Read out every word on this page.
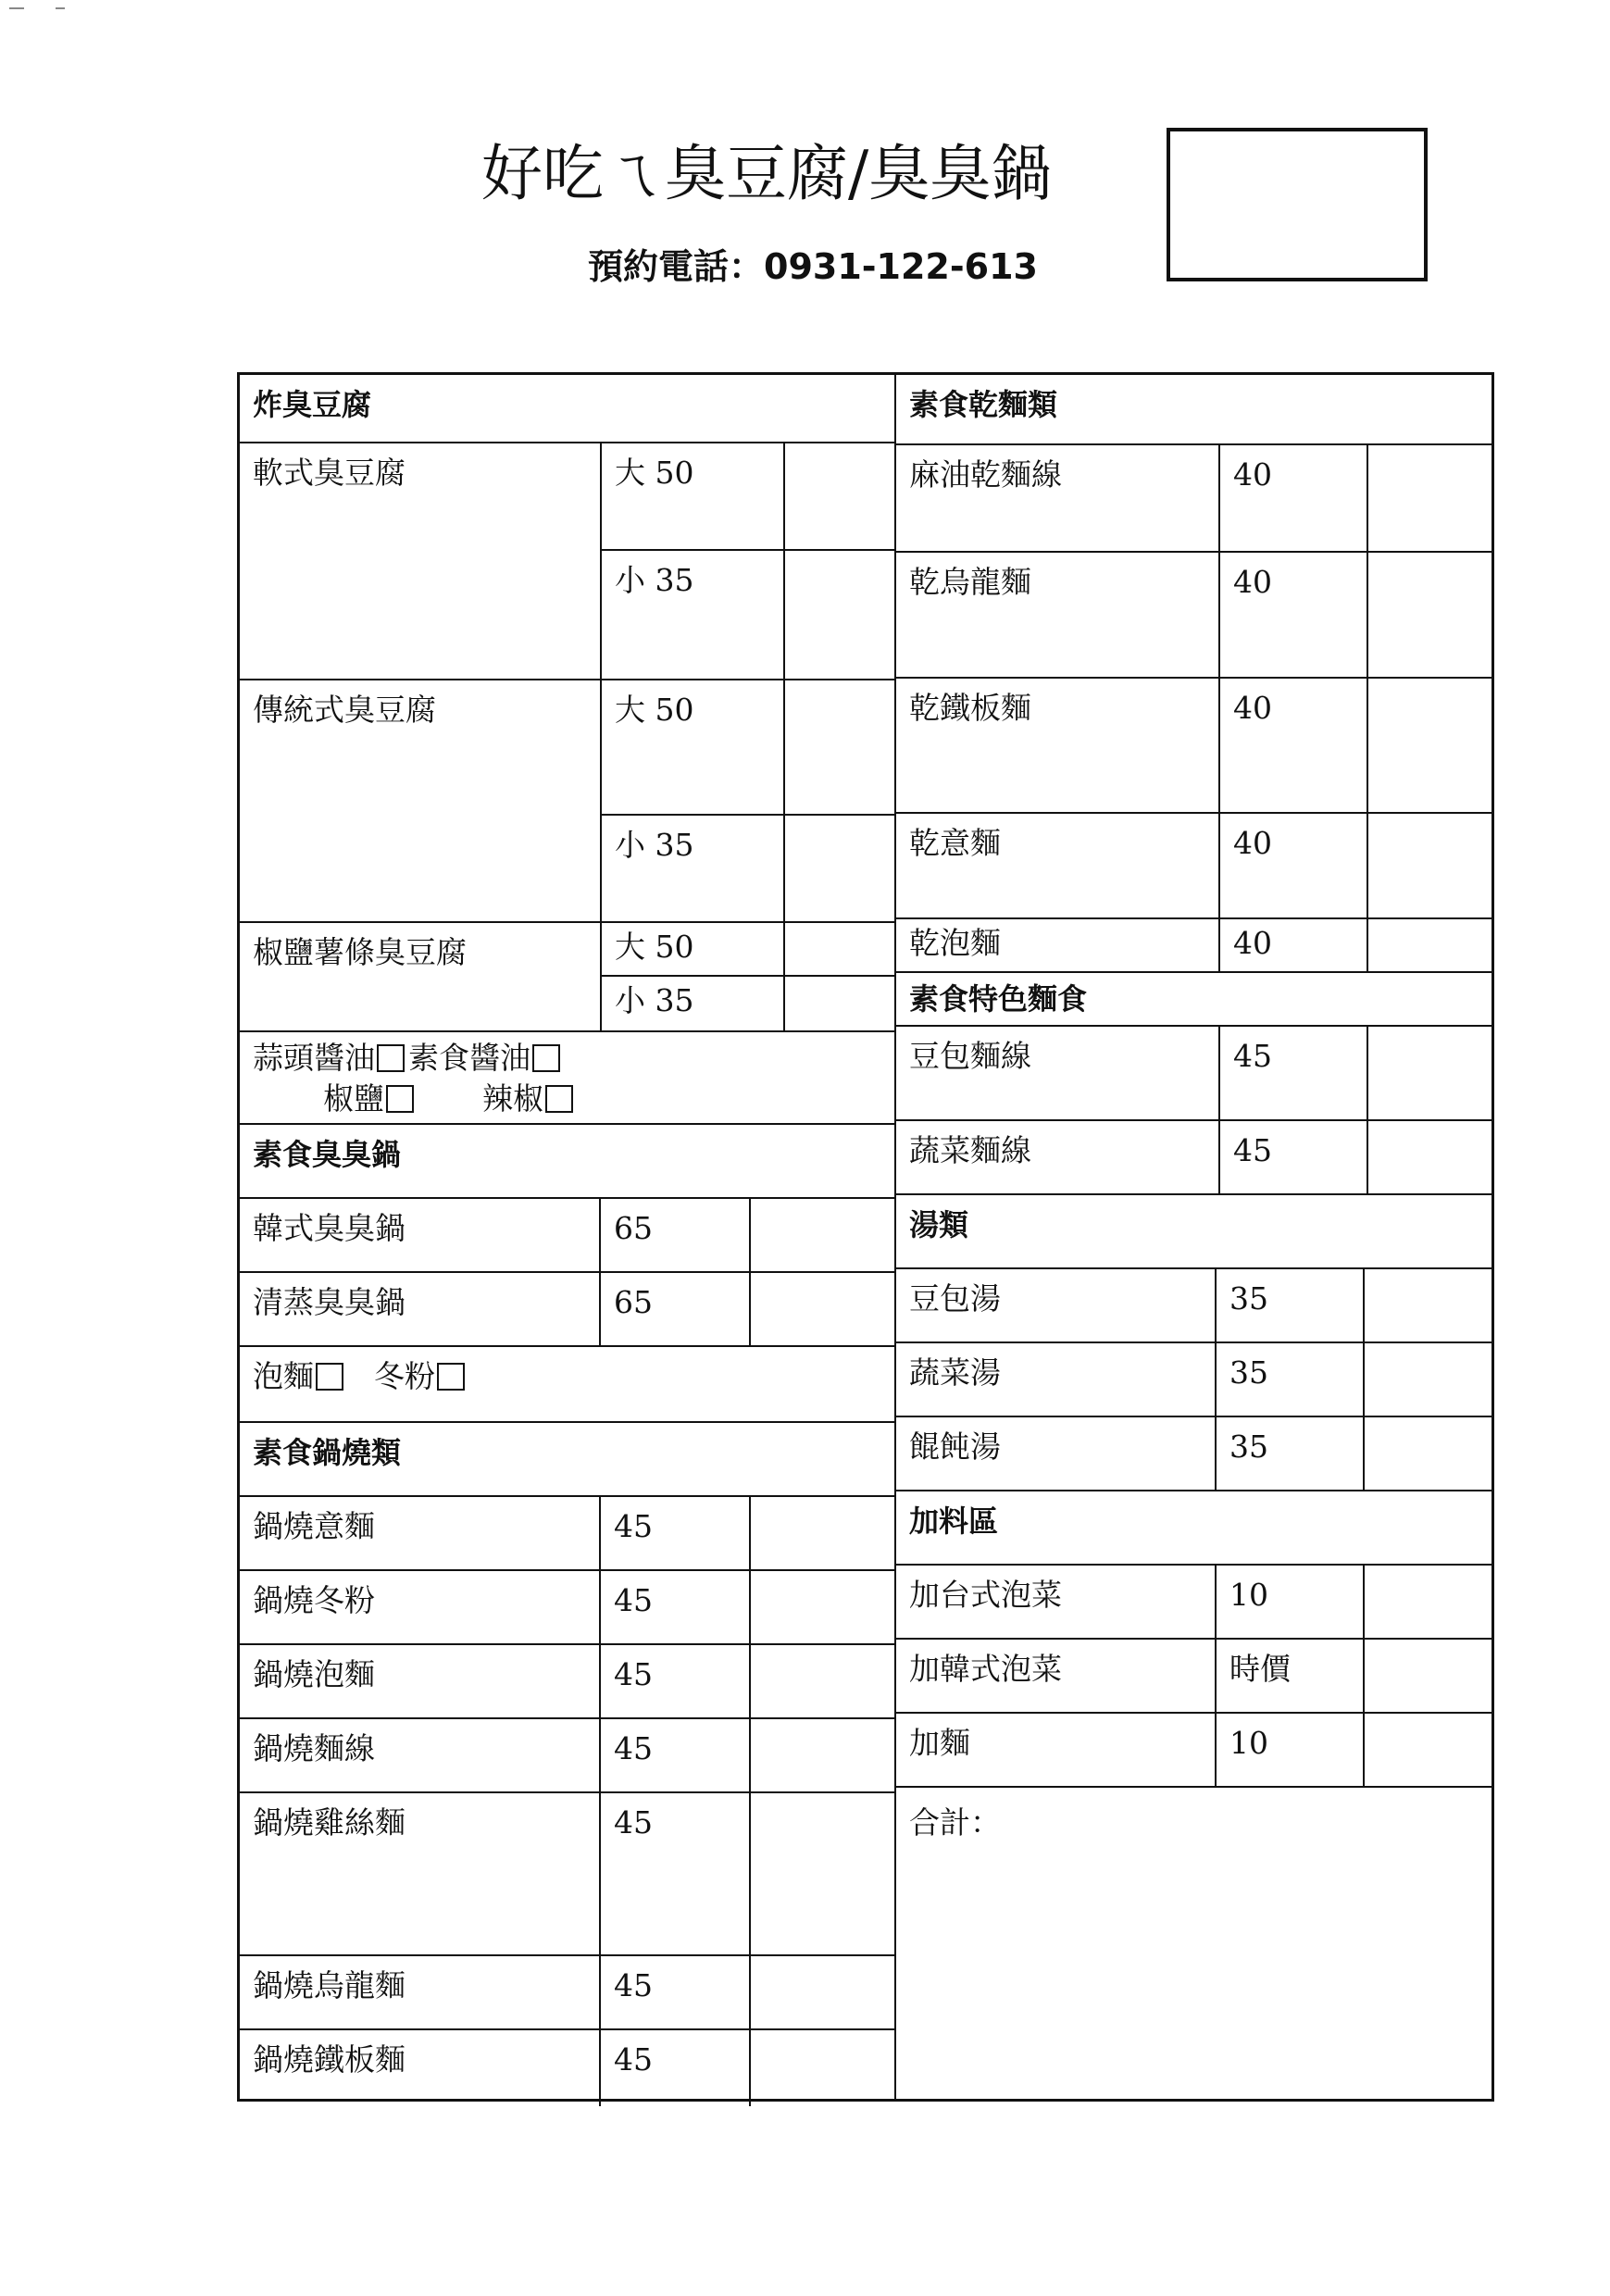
好吃ㄟ臭豆腐/臭臭鍋
預約電話：0931-122-613
炸臭豆腐
軟式臭豆腐	大 50
小 35
傳統式臭豆腐	大 50
小 35
椒鹽薯條臭豆腐	大 50
小 35
蒜頭醬油 素食醬油
椒鹽	辣椒
素食臭臭鍋
韓式臭臭鍋	65
清蒸臭臭鍋	65
泡麵 冬粉
素食鍋燒類
鍋燒意麵	45
鍋燒冬粉	45
鍋燒泡麵	45
鍋燒麵線	45
鍋燒雞絲麵	45
鍋燒烏龍麵	45
鍋燒鐵板麵	45
素食乾麵類
麻油乾麵線	40
乾烏龍麵	40
乾鐵板麵	40
乾意麵	40
乾泡麵	40
素食特色麵食
豆包麵線	45
蔬菜麵線	45
湯類
豆包湯	35
蔬菜湯	35
餛飩湯	35
加料區
加台式泡菜	10
加韓式泡菜	時價
加麵	10
合計：
